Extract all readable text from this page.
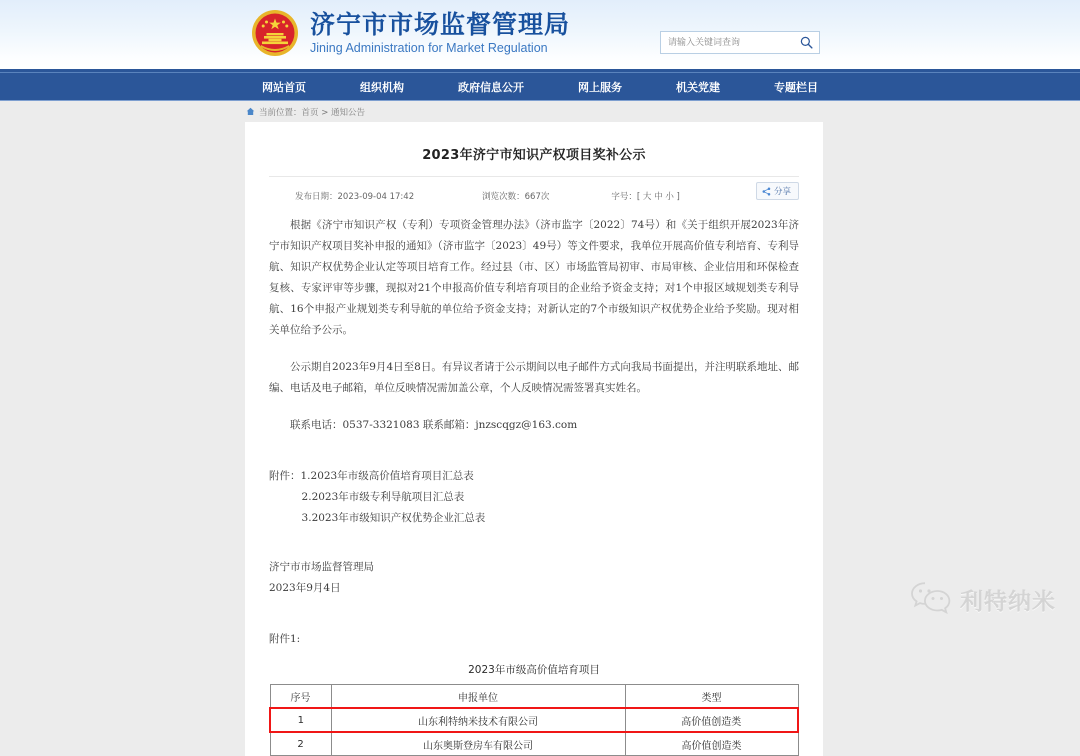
济宁市市场监督管理局
Jining Administration for Market Regulation
请输入关键词查询
网站首页	组织机构	政府信息公开	网上服务	机关党建	专题栏目
当前位置：首页 > 通知公告
2023年济宁市知识产权项目奖补公示
发布日期：2023-09-04 17:42	浏览次数：667次	字号：[ 大 中 小 ]	分享

根据《济宁市知识产权（专利）专项资金管理办法》（济市监字〔2022〕74号）和《关于组织开展2023年济宁市知识产权项目奖补申报的通知》（济市监字〔2023〕49号）等文件要求，我单位开展高价值专利培育、专利导航、知识产权优势企业认定等项目培育工作。经过县（市、区）市场监管局初审、市局审核、企业信用和环保检查复核、专家评审等步骤，现拟对21个申报高价值专利培育项目的企业给予资金支持；对1个申报区域规划类专利导航、16个申报产业规划类专利导航的单位给予资金支持；对新认定的7个市级知识产权优势企业给予奖励。现对相关单位给予公示。

公示期自2023年9月4日至8日。有异议者请于公示期间以电子邮件方式向我局书面提出，并注明联系地址、邮编、电话及电子邮箱，单位反映情况需加盖公章，个人反映情况需签署真实姓名。

联系电话：0537-3321083 联系邮箱：jnzscqgz@163.com

附件：1.2023年市级高价值培育项目汇总表

2.2023年市级专利导航项目汇总表

3.2023年市级知识产权优势企业汇总表

济宁市市场监督管理局

2023年9月4日

附件1:

2023年市级高价值培育项目
序号	申报单位	类型
1	山东利特纳米技术有限公司	高价值创造类
2	山东奥斯登房车有限公司	高价值创造类
利特纳米
